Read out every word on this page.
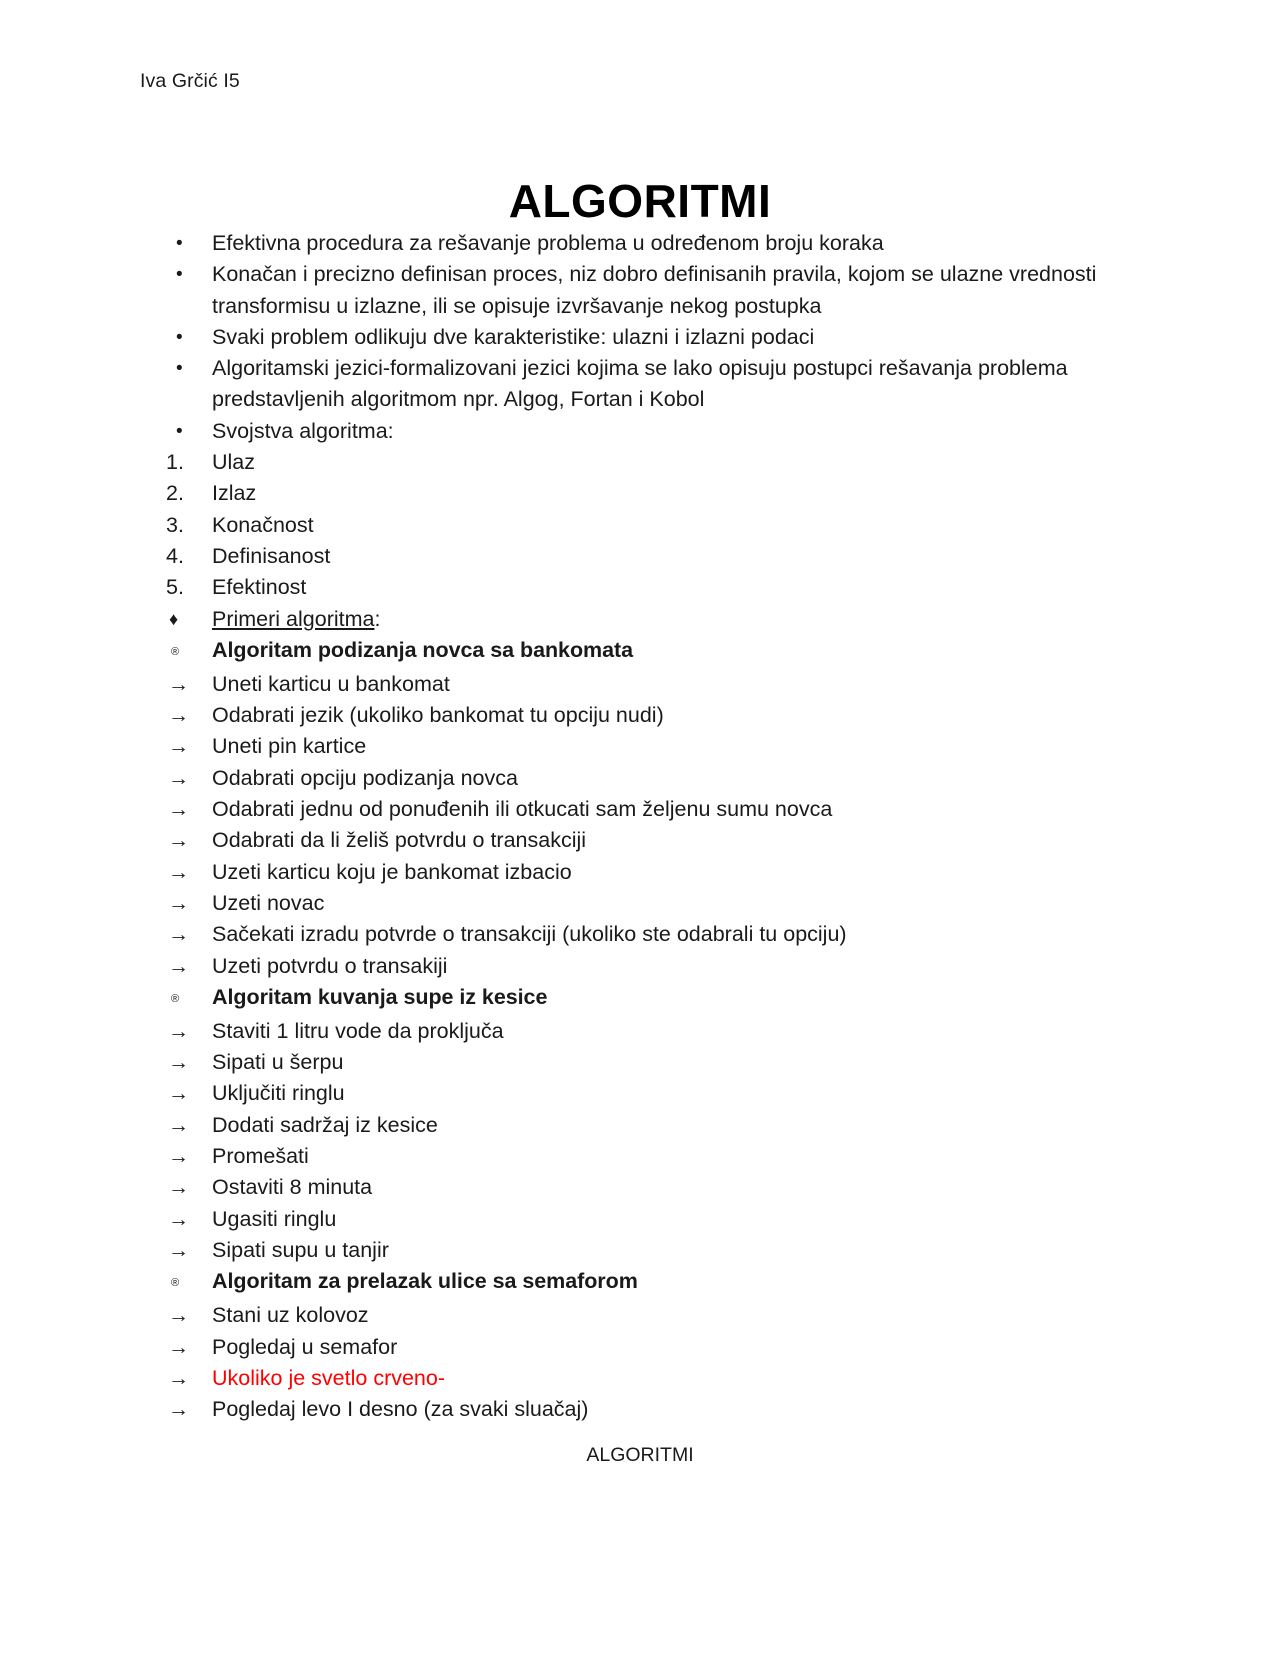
Iva Grčić I5
ALGORITMI
•	Efektivna procedura za rešavanje problema u određenom broju koraka
•	Konačan i precizno definisan proces, niz dobro definisanih pravila, kojom se ulazne vrednosti transformisu u izlazne, ili se opisuje izvršavanje nekog postupka
•	Svaki problem odlikuju dve karakteristike: ulazni i izlazni podaci
•	Algoritamski jezici-formalizovani jezici kojima se lako opisuju postupci rešavanja problema predstavljenih algoritmom npr. Algog, Fortan i Kobol
•	Svojstva algoritma:
1.	Ulaz
2.	Izlaz
3.	Konačnost
4.	Definisanost
5.	Efektinost
♦	Primeri algoritma:
®	Algoritam podizanja novca sa bankomata
→	Uneti karticu u bankomat
→	Odabrati jezik (ukoliko bankomat tu opciju nudi)
→	Uneti pin kartice
→	Odabrati opciju podizanja novca
→	Odabrati jednu od ponuđenih ili otkucati sam željenu sumu novca
→	Odabrati da li želiš potvrdu o transakciji
→	Uzeti karticu koju je bankomat izbacio
→	Uzeti novac
→	Sačekati izradu potvrde o transakciji (ukoliko ste odabrali tu opciju)
→	Uzeti potvrdu o transakiji
®	Algoritam kuvanja supe iz kesice
→	Staviti 1 litru vode da proključa
→	Sipati u šerpu
→	Uključiti ringlu
→	Dodati sadržaj iz kesice
→	Promešati
→	Ostaviti 8 minuta
→	Ugasiti ringlu
→	Sipati supu u tanjir
®	Algoritam za prelazak ulice sa semaforom
→	Stani uz kolovoz
→	Pogledaj u semafor
→	Ukoliko je svetlo crveno-
→	Pogledaj levo I desno (za svaki sluačaj)
ALGORITMI
